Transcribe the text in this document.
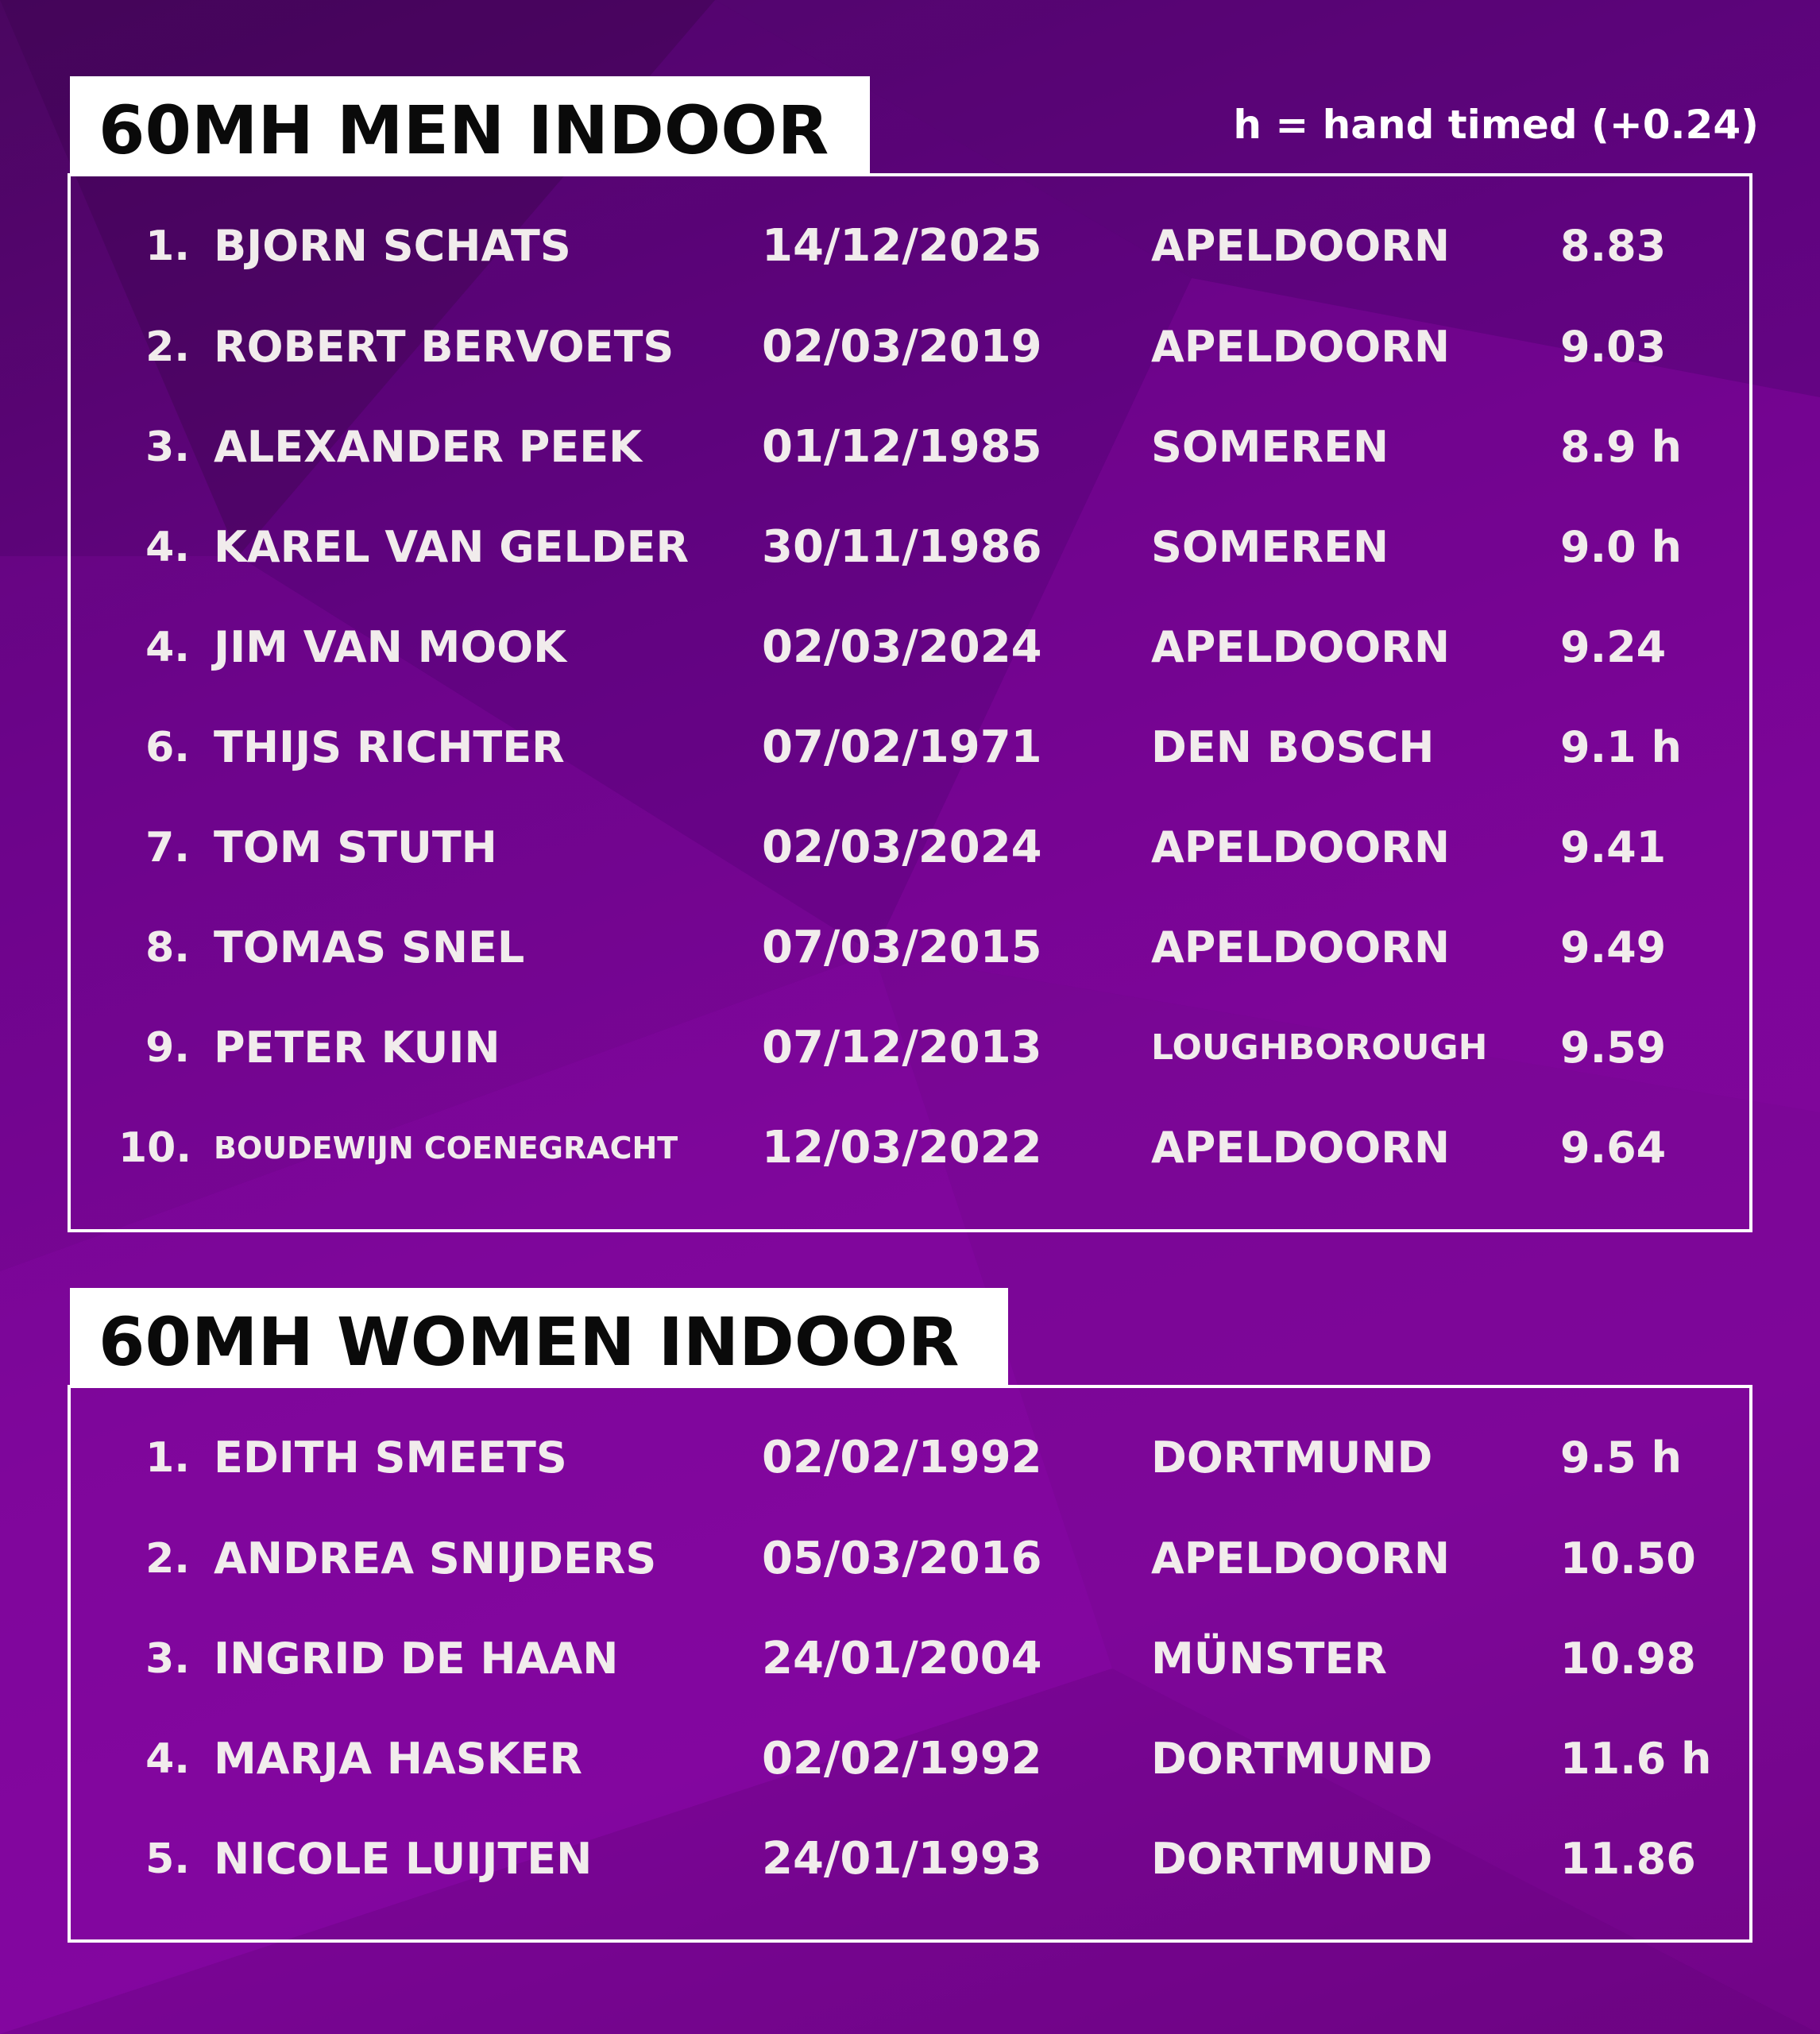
h = hand timed (+0.24)
1. BJORN SCHATS	14/12/2025	APELDOORN	8.83
2. ROBERT BERVOETS 02/03/2019	APELDOORN	9.03
3. ALEXANDER PEEK	01/12/1985	SOMEREN	8.9 h
4. KAREL VAN GELDER 30/11/1986	SOMEREN	9.0 h
4. JIM VAN MOOK	02/03/2024	APELDOORN	9.24
6. THIJS RICHTER	07/02/1971	DEN BOSCH	9.1 h
7. TOM STUTH	02/03/2024	APELDOORN	9.41
8. TOMAS SNEL	07/03/2015	APELDOORN	9.49
9. PETER KUIN	07/12/2013	LOUGHBOROUGH 9.59
10. BOUDEWIJN COENEGRACHT 12/03/2022	APELDOORN	9.64
60MH MEN INDOOR
1. EDITH SMEETS	02/02/1992	DORTMUND	9.5 h
2. ANDREA SNIJDERS 05/03/2016	APELDOORN	10.50
3. INGRID DE HAAN	24/01/2004	MÜNSTER	10.98
4. MARJA HASKER	02/02/1992	DORTMUND	11.6 h
5. NICOLE LUIJTEN	24/01/1993	DORTMUND	11.86
60MH WOMEN INDOOR
